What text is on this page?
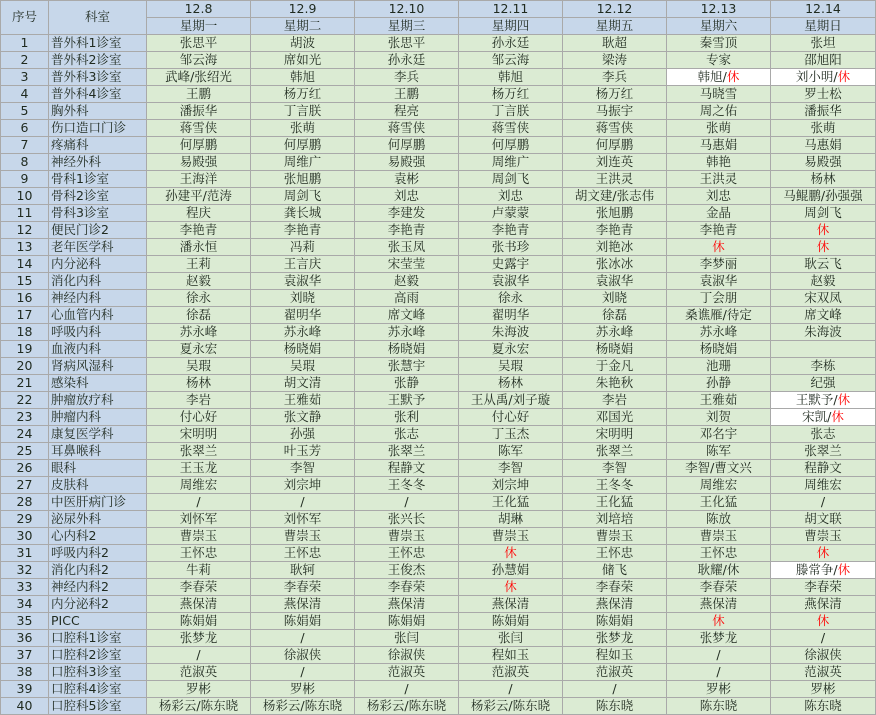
序号	科室	12.8	12.9	12.10	12.11	12.12	12.13	12.14
		星期一	星期二	星期三	星期四	星期五	星期六	星期日
1	普外科1诊室	张思平	胡波	张思平	孙永廷	耿超	秦雪顶	张坦
2	普外科2诊室	邹云海	席如光	孙永廷	邹云海	梁涛	专家	邵旭阳
3	普外科3诊室	武峰/张绍光	韩旭	李兵	韩旭	李兵	韩旭/休	刘小明/休
4	普外科4诊室	王鹏	杨万红	王鹏	杨万红	杨万红	马晓雪	罗士松
5	胸外科	潘振华	丁言朕	程亮	丁言朕	马振宇	周之佑	潘振华
6	伤口造口门诊	蒋雪侠	张萌	蒋雪侠	蒋雪侠	蒋雪侠	张萌	张萌
7	疼痛科	何厚鹏	何厚鹏	何厚鹏	何厚鹏	何厚鹏	马惠娟	马惠娟
8	神经外科	易殿强	周维广	易殿强	周维广	刘连英	韩艳	易殿强
9	骨科1诊室	王海洋	张旭鹏	袁彬	周剑飞	王洪灵	王洪灵	杨林
10	骨科2诊室	孙建平/范涛	周剑飞	刘忠	刘忠	胡文建/张志伟	刘忠	马鲲鹏/孙强强
11	骨科3诊室	程庆	龚长城	李建发	卢蒙蒙	张旭鹏	金晶	周剑飞
12	便民门诊2	李艳青	李艳青	李艳青	李艳青	李艳青	李艳青	休
13	老年医学科	潘永恒	冯莉	张玉凤	张书珍	刘艳冰	休	休
14	内分泌科	王莉	王言庆	宋莹莹	史露宇	张冰冰	李梦丽	耿云飞
15	消化内科	赵毅	袁淑华	赵毅	袁淑华	袁淑华	袁淑华	赵毅
16	神经内科	徐永	刘晓	高雨	徐永	刘晓	丁会朋	宋双凤
17	心血管内科	徐磊	翟明华	席文峰	翟明华	徐磊	桑谯雁/待定	席文峰
18	呼吸内科	苏永峰	苏永峰	苏永峰	朱海波	苏永峰	苏永峰	朱海波
19	血液内科	夏永宏	杨晓娟	杨晓娟	夏永宏	杨晓娟	杨晓娟	
20	肾病风湿科	吴瑕	吴瑕	张慧宇	吴瑕	于金凡	池珊	李栋
21	感染科	杨林	胡文清	张静	杨林	朱艳秋	孙静	纪强
22	肿瘤放疗科	李岩	王雅茹	王默予	王从禹/刘子璇	李岩	王雅茹	王默予/休
23	肿瘤内科	付心好	张文静	张利	付心好	邓国光	刘贺	宋凯/休
24	康复医学科	宋明明	孙强	张志	丁玉杰	宋明明	邓名宇	张志
25	耳鼻喉科	张翠兰	叶玉芳	张翠兰	陈军	张翠兰	陈军	张翠兰
26	眼科	王玉龙	李智	程静文	李智	李智	李智/曹文兴	程静文
27	皮肤科	周维宏	刘宗坤	王冬冬	刘宗坤	王冬冬	周维宏	周维宏
28	中医肝病门诊	/	/	/	王化猛	王化猛	王化猛	/
29	泌尿外科	刘怀军	刘怀军	张兴长	胡琳	刘培培	陈放	胡文联
30	心内科2	曹崇玉	曹崇玉	曹崇玉	曹崇玉	曹崇玉	曹崇玉	曹崇玉
31	呼吸内科2	王怀忠	王怀忠	王怀忠	休	王怀忠	王怀忠	休
32	消化内科2	牛莉	耿轲	王俊杰	孙慧娟	储飞	耿耀/休	滕常争/休
33	神经内科2	李春荣	李春荣	李春荣	休	李春荣	李春荣	李春荣
34	内分泌科2	燕保清	燕保清	燕保清	燕保清	燕保清	燕保清	燕保清
35	PICC	陈娟娟	陈娟娟	陈娟娟	陈娟娟	陈娟娟	休	休
36	口腔科1诊室	张梦龙	/	张闫	张闫	张梦龙	张梦龙	/
37	口腔科2诊室	/	徐淑侠	徐淑侠	程如玉	程如玉	/	徐淑侠
38	口腔科3诊室	范淑英	/	范淑英	范淑英	范淑英	/	范淑英
39	口腔科4诊室	罗彬	罗彬	/	/	/	罗彬	罗彬
40	口腔科5诊室	杨彩云/陈东晓	杨彩云/陈东晓	杨彩云/陈东晓	杨彩云/陈东晓	陈东晓	陈东晓	陈东晓
